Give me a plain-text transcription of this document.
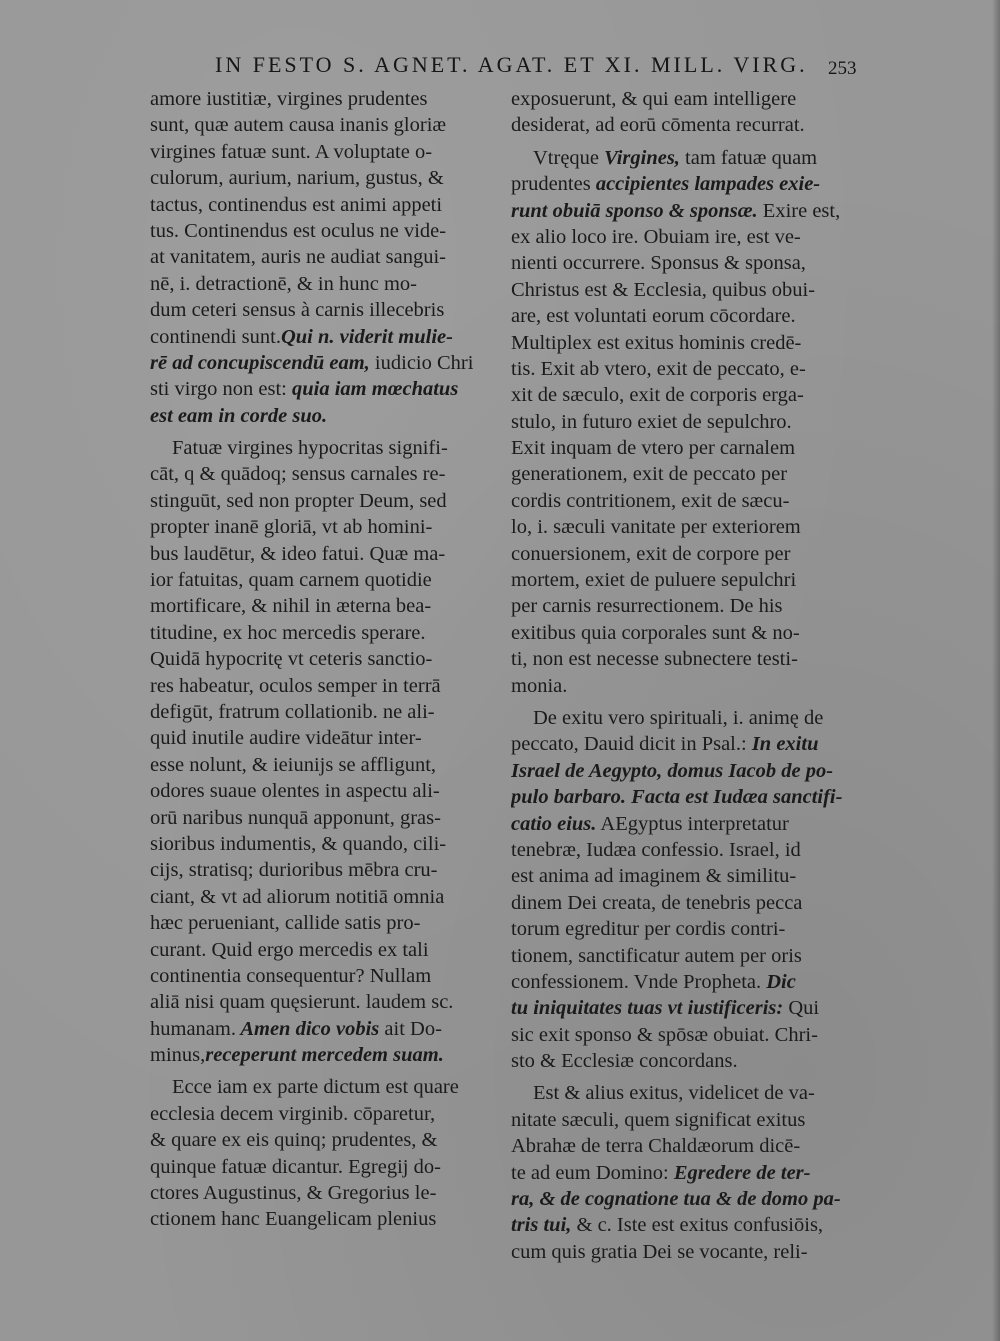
IN FESTO S. AGNET. AGAT. ET XI. MILL. VIRG.	253
amore iustitiæ, virgines prudentes
sunt, quæ autem causa inanis gloriæ
virgines fatuæ sunt. A voluptate o-
culorum, aurium, narium, gustus, &
tactus, continendus est animi appeti
tus. Continendus est oculus ne vide-
at vanitatem, auris ne audiat sangui-
nē, i. detractionē, & in hunc mo-
dum ceteri sensus à carnis illecebris
continendi sunt.Qui n. viderit mulie-
rē ad concupiscendū eam, iudicio Chri
sti virgo non est: quia iam mœchatus
est eam in corde suo.
Fatuæ virgines hypocritas signifi-
cāt, q & quādoq; sensus carnales re-
stinguūt, sed non propter Deum, sed
propter inanē gloriā, vt ab homini-
bus laudētur, & ideo fatui. Quæ ma-
ior fatuitas, quam carnem quotidie
mortificare, & nihil in æterna bea-
titudine, ex hoc mercedis sperare.
Quidā hypocritę vt ceteris sanctio-
res habeatur, oculos semper in terrā
defigūt, fratrum collationib. ne ali-
quid inutile audire videātur inter-
esse nolunt, & ieiunijs se affligunt,
odores suaue olentes in aspectu ali-
orū naribus nunquā apponunt, gras-
sioribus indumentis, & quando, cili-
cijs, stratisq; durioribus mēbra cru-
ciant, & vt ad aliorum notitiā omnia
hæc perueniant, callide satis pro-
curant. Quid ergo mercedis ex tali
continentia consequentur? Nullam
aliā nisi quam quęsierunt. laudem sc.
humanam. Amen dico vobis ait Do-
minus,receperunt mercedem suam.
Ecce iam ex parte dictum est quare
ecclesia decem virginib. cōparetur,
& quare ex eis quinq; prudentes, &
quinque fatuæ dicantur. Egregij do-
ctores Augustinus, & Gregorius le-
ctionem hanc Euangelicam plenius
exposuerunt, & qui eam intelligere
desiderat, ad eorū cōmenta recurrat.
Vtręque Virgines, tam fatuæ quam
prudentes accipientes lampades exie-
runt obuiā sponso & sponsæ. Exire est,
ex alio loco ire. Obuiam ire, est ve-
nienti occurrere. Sponsus & sponsa,
Christus est & Ecclesia, quibus obui-
are, est voluntati eorum cōcordare.
Multiplex est exitus hominis credē-
tis. Exit ab vtero, exit de peccato, e-
xit de sæculo, exit de corporis erga-
stulo, in futuro exiet de sepulchro.
Exit inquam de vtero per carnalem
generationem, exit de peccato per
cordis contritionem, exit de sæcu-
lo, i. sæculi vanitate per exteriorem
conuersionem, exit de corpore per
mortem, exiet de puluere sepulchri
per carnis resurrectionem. De his
exitibus quia corporales sunt & no-
ti, non est necesse subnectere testi-
monia.
De exitu vero spirituali, i. animę de
peccato, Dauid dicit in Psal.: In exitu
Israel de Aegypto, domus Iacob de po-
pulo barbaro. Facta est Iudæa sanctifi-
catio eius. AEgyptus interpretatur
tenebræ, Iudæa confessio. Israel, id
est anima ad imaginem & similitu-
dinem Dei creata, de tenebris pecca
torum egreditur per cordis contri-
tionem, sanctificatur autem per oris
confessionem. Vnde Propheta. Dic
tu iniquitates tuas vt iustificeris: Qui
sic exit sponso & spōsæ obuiat. Chri-
sto & Ecclesiæ concordans.
Est & alius exitus, videlicet de va-
nitate sæculi, quem significat exitus
Abrahæ de terra Chaldæorum dicē-
te ad eum Domino: Egredere de ter-
ra, & de cognatione tua & de domo pa-
tris tui, & c. Iste est exitus confusiōis,
cum quis gratia Dei se vocante, reli-
